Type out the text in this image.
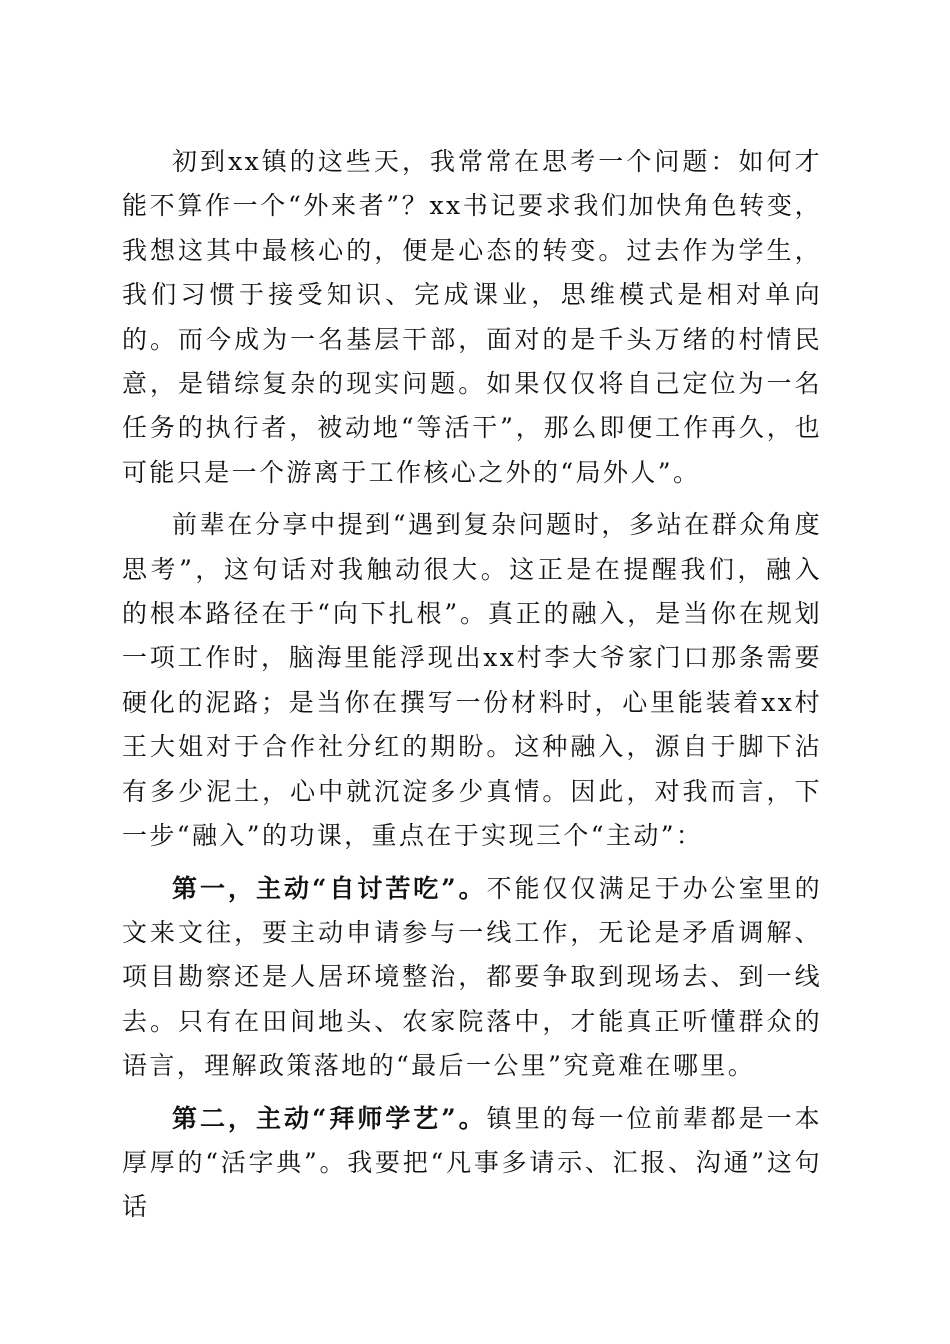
初到xx镇的这些天，我常常在思考一个问题：如何才能不算作一个“外来者”？xx书记要求我们加快角色转变，我想这其中最核心的，便是心态的转变。过去作为学生，我们习惯于接受知识、完成课业，思维模式是相对单向的。而今成为一名基层干部，面对的是千头万绪的村情民意，是错综复杂的现实问题。如果仅仅将自己定位为一名任务的执行者，被动地“等活干”，那么即便工作再久，也可能只是一个游离于工作核心之外的“局外人”。

前辈在分享中提到“遇到复杂问题时，多站在群众角度思考”，这句话对我触动很大。这正是在提醒我们，融入的根本路径在于“向下扎根”。真正的融入，是当你在规划一项工作时，脑海里能浮现出xx村李大爷家门口那条需要硬化的泥路；是当你在撰写一份材料时，心里能装着xx村王大姐对于合作社分红的期盼。这种融入，源自于脚下沾有多少泥土，心中就沉淀多少真情。因此，对我而言，下一步“融入”的功课，重点在于实现三个“主动”：

第一，主动“自讨苦吃”。不能仅仅满足于办公室里的文来文往，要主动申请参与一线工作，无论是矛盾调解、项目勘察还是人居环境整治，都要争取到现场去、到一线去。只有在田间地头、农家院落中，才能真正听懂群众的语言，理解政策落地的“最后一公里”究竟难在哪里。

第二，主动“拜师学艺”。镇里的每一位前辈都是一本厚厚的“活字典”。我要把“凡事多请示、汇报、沟通”这句话
